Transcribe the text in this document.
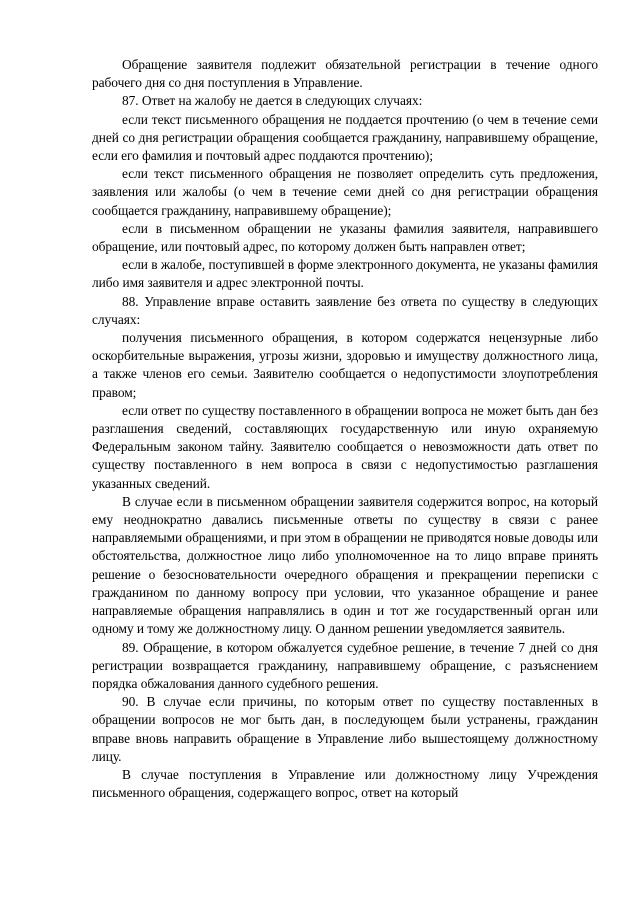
Обращение заявителя подлежит обязательной регистрации в течение одного рабочего дня со дня поступления в Управление.

87. Ответ на жалобу не дается в следующих случаях:

если текст письменного обращения не поддается прочтению (о чем в течение семи дней со дня регистрации обращения сообщается гражданину, направившему обращение, если его фамилия и почтовый адрес поддаются прочтению);

если текст письменного обращения не позволяет определить суть предложения, заявления или жалобы (о чем в течение семи дней со дня регистрации обращения сообщается гражданину, направившему обращение);

если в письменном обращении не указаны фамилия заявителя, направившего обращение, или почтовый адрес, по которому должен быть направлен ответ;

если в жалобе, поступившей в форме электронного документа, не указаны фамилия либо имя заявителя и адрес электронной почты.

88. Управление вправе оставить заявление без ответа по существу в следующих случаях:

получения письменного обращения, в котором содержатся нецензурные либо оскорбительные выражения, угрозы жизни, здоровью и имуществу должностного лица, а также членов его семьи. Заявителю сообщается о недопустимости злоупотребления правом;

если ответ по существу поставленного в обращении вопроса не может быть дан без разглашения сведений, составляющих государственную или иную охраняемую Федеральным законом тайну. Заявителю сообщается о невозможности дать ответ по существу поставленного в нем вопроса в связи с недопустимостью разглашения указанных сведений.

В случае если в письменном обращении заявителя содержится вопрос, на который ему неоднократно давались письменные ответы по существу в связи с ранее направляемыми обращениями, и при этом в обращении не приводятся новые доводы или обстоятельства, должностное лицо либо уполномоченное на то лицо вправе принять решение о безосновательности очередного обращения и прекращении переписки с гражданином по данному вопросу при условии, что указанное обращение и ранее направляемые обращения направлялись в один и тот же государственный орган или одному и тому же должностному лицу. О данном решении уведомляется заявитель.

89. Обращение, в котором обжалуется судебное решение, в течение 7 дней со дня регистрации возвращается гражданину, направившему обращение, с разъяснением порядка обжалования данного судебного решения.

90. В случае если причины, по которым ответ по существу поставленных в обращении вопросов не мог быть дан, в последующем были устранены, гражданин вправе вновь направить обращение в Управление либо вышестоящему должностному лицу.

В случае поступления в Управление или должностному лицу Учреждения письменного обращения, содержащего вопрос, ответ на который
